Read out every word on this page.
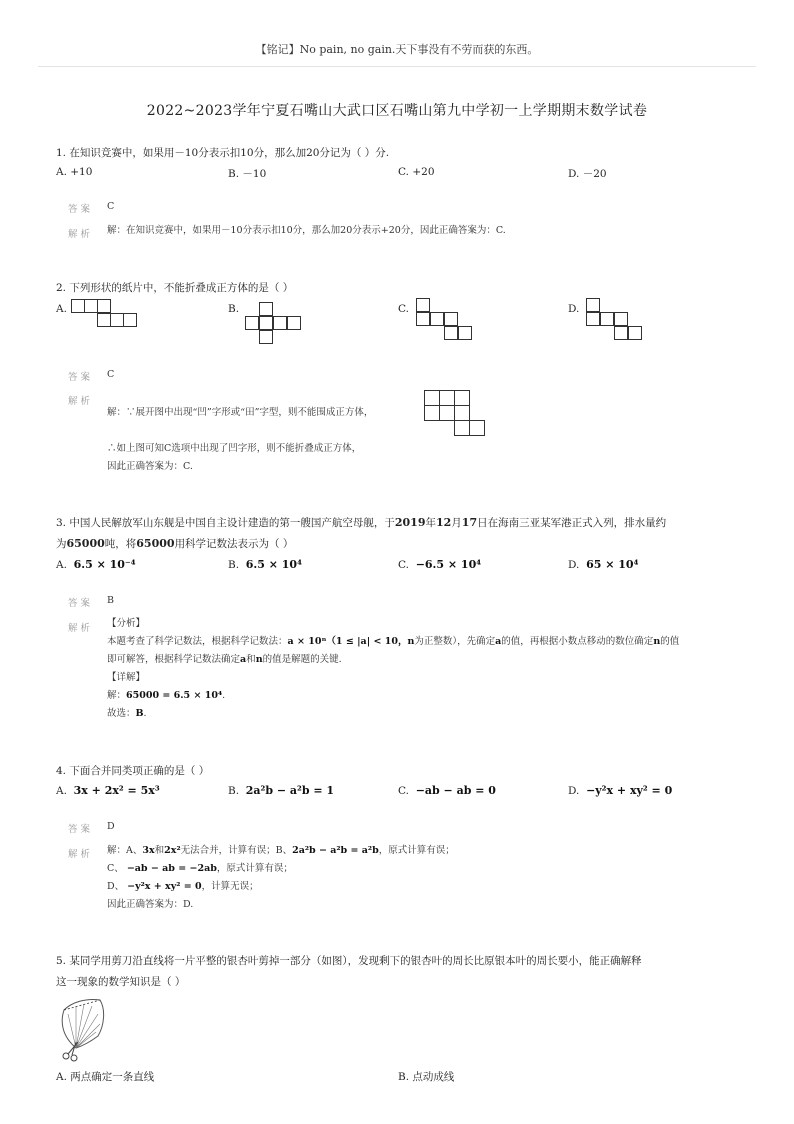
【铭记】No pain, no gain.天下事没有不劳而获的东西。
2022~2023学年宁夏石嘴山大武口区石嘴山第九中学初一上学期期末数学试卷
1. 在知识竞赛中，如果用－10分表示扣10分，那么加20分记为（ ）分.
A. +10	B. －10	C. +20	D. －20
答 案 C
解 析 解：在知识竞赛中，如果用－10分表示扣10分，那么加20分表示+20分，因此正确答案为：C.
2. 下列形状的纸片中，不能折叠成正方体的是（ ）
A.	B.	C.	D.
答 案 C
解 析
解：∵展开图中出现“凹”字形或“田”字型，则不能围成正方体，
∴如上图可知C选项中出现了凹字形，则不能折叠成正方体，
因此正确答案为：C.
3. 中国人民解放军山东舰是中国自主设计建造的第一艘国产航空母舰，于2019年12月17日在海南三亚某军港正式入列，排水量约
为65000吨，将65000用科学记数法表示为（ ）
A. 6.5 × 10⁻⁴	B. 6.5 × 10⁴	C. −6.5 × 10⁴	D. 65 × 10⁴
答 案 B
解 析 【分析】
本题考查了科学记数法，根据科学记数法：a × 10ⁿ（1 ≤ |a| < 10，n为正整数），先确定a的值，再根据小数点移动的数位确定n的值
即可解答，根据科学记数法确定a和n的值是解题的关键.
【详解】
解：65000 = 6.5 × 10⁴.
故选：B.
4. 下面合并同类项正确的是（ ）
A. 3x + 2x² = 5x³	B. 2a²b − a²b = 1	C. −ab − ab = 0	D. −y²x + xy² = 0
答 案 D
解 析 解：A、3x和2x²无法合并，计算有误；B、2a²b − a²b = a²b，原式计算有误；
C、 −ab − ab = −2ab，原式计算有误；
D、 −y²x + xy² = 0，计算无误；
因此正确答案为：D.
5. 某同学用剪刀沿直线将一片平整的银杏叶剪掉一部分（如图），发现剩下的银杏叶的周长比原银本叶的周长要小，能正确解释
这一现象的数学知识是（ ）
A. 两点确定一条直线	B. 点动成线
